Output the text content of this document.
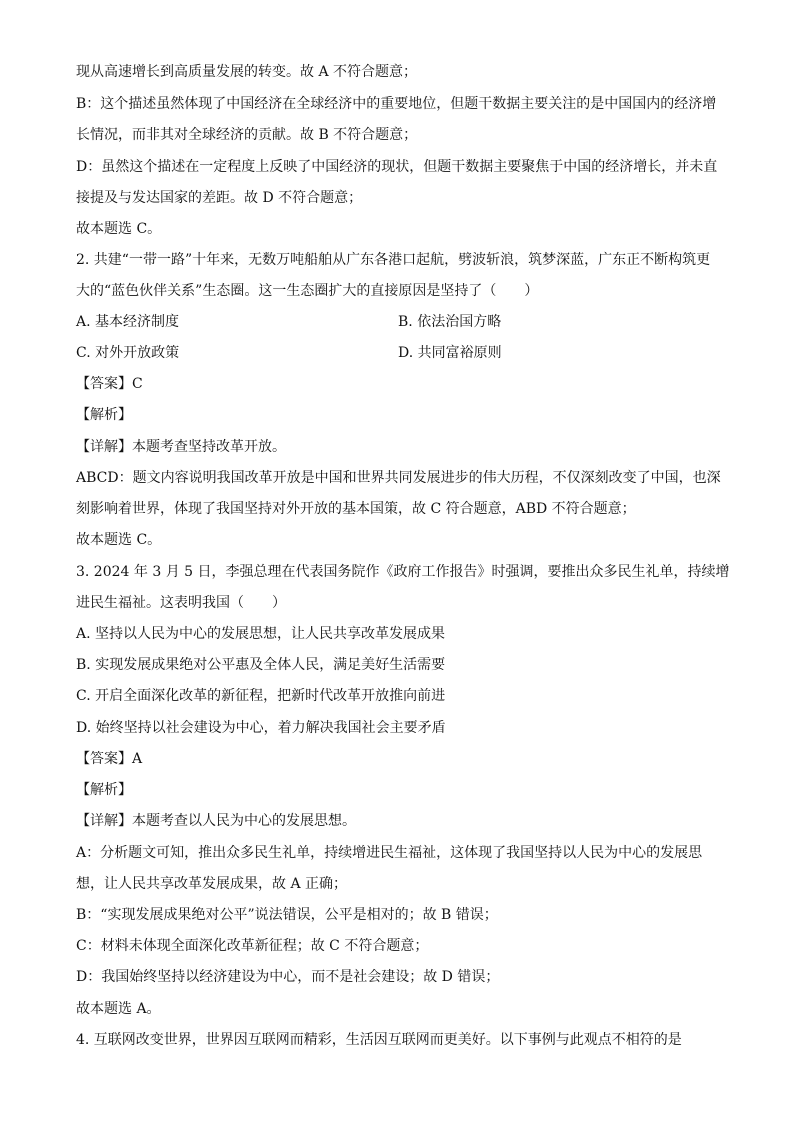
现从高速增长到高质量发展的转变。故 A 不符合题意；
B：这个描述虽然体现了中国经济在全球经济中的重要地位，但题干数据主要关注的是中国国内的经济增
长情况，而非其对全球经济的贡献。故 B 不符合题意；
D：虽然这个描述在一定程度上反映了中国经济的现状，但题干数据主要聚焦于中国的经济增长，并未直
接提及与发达国家的差距。故 D 不符合题意；
故本题选 C。
2. 共建“一带一路”十年来，无数万吨船舶从广东各港口起航，劈波斩浪，筑梦深蓝，广东正不断构筑更
大的“蓝色伙伴关系”生态圈。这一生态圈扩大的直接原因是坚持了（　　）
A. 基本经济制度	B. 依法治国方略
C. 对外开放政策	D. 共同富裕原则
【答案】C
【解析】
【详解】本题考查坚持改革开放。
ABCD：题文内容说明我国改革开放是中国和世界共同发展进步的伟大历程，不仅深刻改变了中国，也深
刻影响着世界，体现了我国坚持对外开放的基本国策，故 C 符合题意，ABD 不符合题意；
故本题选 C。
3. 2024 年 3 月 5 日，李强总理在代表国务院作《政府工作报告》时强调，要推出众多民生礼单，持续增
进民生福祉。这表明我国（　　）
A. 坚持以人民为中心的发展思想，让人民共享改革发展成果
B. 实现发展成果绝对公平惠及全体人民，满足美好生活需要
C. 开启全面深化改革的新征程，把新时代改革开放推向前进
D. 始终坚持以社会建设为中心，着力解决我国社会主要矛盾
【答案】A
【解析】
【详解】本题考查以人民为中心的发展思想。
A：分析题文可知，推出众多民生礼单，持续增进民生福祉，这体现了我国坚持以人民为中心的发展思
想，让人民共享改革发展成果，故 A 正确；
B：“实现发展成果绝对公平”说法错误，公平是相对的；故 B 错误；
C：材料未体现全面深化改革新征程；故 C 不符合题意；
D：我国始终坚持以经济建设为中心，而不是社会建设；故 D 错误；
故本题选 A。
4. 互联网改变世界，世界因互联网而精彩，生活因互联网而更美好。以下事例与此观点不相符的是
